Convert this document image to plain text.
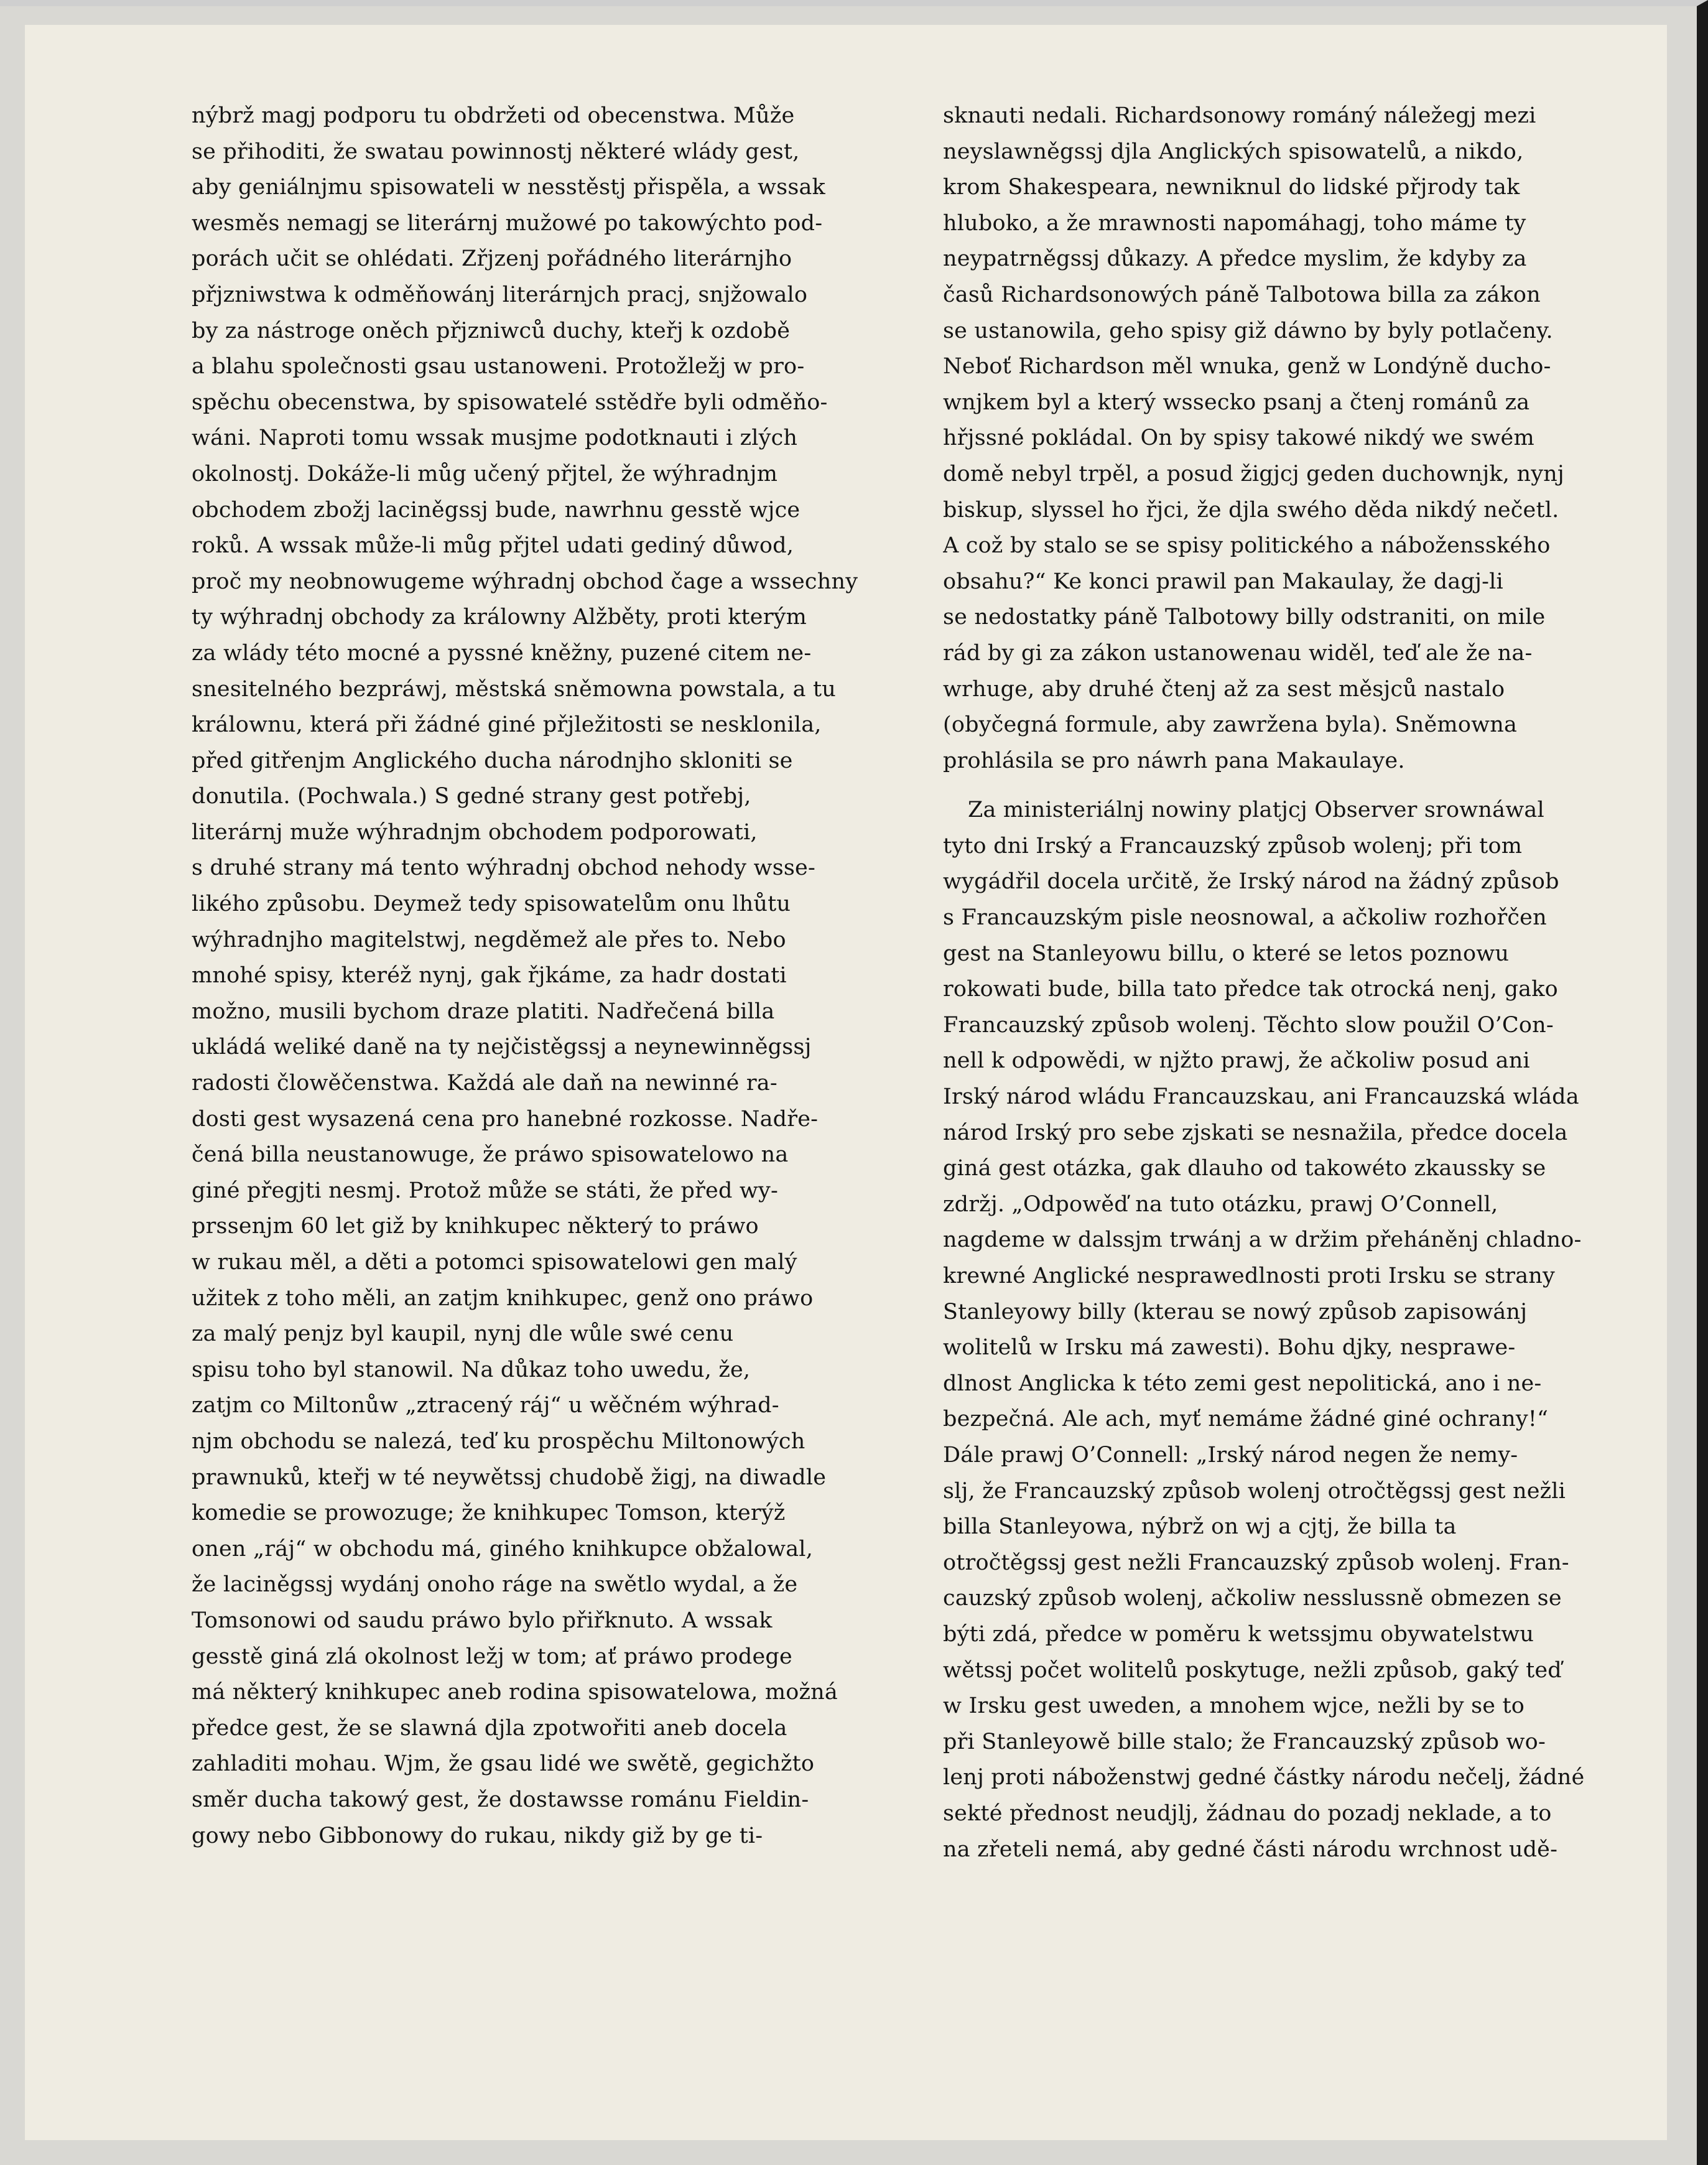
nýbrž magj podporu tu obdržeti od obecenstwa. Může
se přihoditi, že swatau powinnostj některé wlády gest,
aby geniálnjmu spisowateli w nesstěstj přispěla, a wssak
wesměs nemagj se literárnj mužowé po takowýchto pod-
porách učit se ohlédati. Zřjzenj pořádného literárnjho
přjzniwstwa k odměňowánj literárnjch pracj, snjžowalo
by za nástroge oněch přjzniwců duchy, kteřj k ozdobě
a blahu společnosti gsau ustanoweni. Protožležj w pro-
spěchu obecenstwa, by spisowatelé sstědře byli odměňo-
wáni. Naproti tomu wssak musjme podotknauti i zlých
okolnostj. Dokáže-li můg učený přjtel, že wýhradnjm
obchodem zbožj laciněgssj bude, nawrhnu gesstě wjce
roků. A wssak může-li můg přjtel udati gediný důwod,
proč my neobnowugeme wýhradnj obchod čage a wssechny
ty wýhradnj obchody za králowny Alžběty, proti kterým
za wlády této mocné a pyssné kněžny, puzené citem ne-
snesitelného bezpráwj, městská sněmowna powstala, a tu
králownu, která při žádné giné přjležitosti se nesklonila,
před gitřenjm Anglického ducha národnjho skloniti se
donutila. (Pochwala.) S gedné strany gest potřebj,
literárnj muže wýhradnjm obchodem podporowati,
s druhé strany má tento wýhradnj obchod nehody wsse-
likého způsobu. Deymež tedy spisowatelům onu lhůtu
wýhradnjho magitelstwj, negděmež ale přes to. Nebo
mnohé spisy, kteréž nynj, gak řjkáme, za hadr dostati
možno, musili bychom draze platiti. Nadřečená billa
ukládá weliké daně na ty nejčistěgssj a neynewinněgssj
radosti člowěčenstwa. Každá ale daň na newinné ra-
dosti gest wysazená cena pro hanebné rozkosse. Nadře-
čená billa neustanowuge, že práwo spisowatelowo na
giné přegjti nesmj. Protož může se státi, že před wy-
prssenjm 60 let giž by knihkupec některý to práwo
w rukau měl, a děti a potomci spisowatelowi gen malý
užitek z toho měli, an zatjm knihkupec, genž ono práwo
za malý penjz byl kaupil, nynj dle wůle swé cenu
spisu toho byl stanowil. Na důkaz toho uwedu, že,
zatjm co Miltonůw „ztracený ráj“ u wěčném wýhrad-
njm obchodu se nalezá, teď ku prospěchu Miltonowých
prawnuků, kteřj w té neywětssj chudobě žigj, na diwadle
komedie se prowozuge; že knihkupec Tomson, kterýž
onen „ráj“ w obchodu má, giného knihkupce obžalowal,
že laciněgssj wydánj onoho ráge na swětlo wydal, a že
Tomsonowi od saudu práwo bylo přiřknuto. A wssak
gesstě giná zlá okolnost ležj w tom; ať práwo prodege
má některý knihkupec aneb rodina spisowatelowa, možná
předce gest, že se slawná djla zpotwořiti aneb docela
zahladiti mohau. Wjm, že gsau lidé we swětě, gegichžto
směr ducha takowý gest, že dostawsse románu Fieldin-
gowy nebo Gibbonowy do rukau, nikdy giž by ge ti-
sknauti nedali. Richardsonowy románý náležegj mezi
neyslawněgssj djla Anglických spisowatelů, a nikdo,
krom Shakespeara, newniknul do lidské přjrody tak
hluboko, a že mrawnosti napomáhagj, toho máme ty
neypatrněgssj důkazy. A předce myslim, že kdyby za
časů Richardsonowých páně Talbotowa billa za zákon
se ustanowila, geho spisy giž dáwno by byly potlačeny.
Neboť Richardson měl wnuka, genž w Londýně ducho-
wnjkem byl a který wssecko psanj a čtenj románů za
hřjssné pokládal. On by spisy takowé nikdý we swém
domě nebyl trpěl, a posud žigjcj geden duchownjk, nynj
biskup, slyssel ho řjci, že djla swého děda nikdý nečetl.
A což by stalo se se spisy politického a nábožensského
obsahu?“ Ke konci prawil pan Makaulay, že dagj-li
se nedostatky páně Talbotowy billy odstraniti, on mile
rád by gi za zákon ustanowenau widěl, teď ale že na-
wrhuge, aby druhé čtenj až za sest měsjců nastalo
(obyčegná formule, aby zawržena byla). Sněmowna
prohlásila se pro náwrh pana Makaulaye.
Za ministeriálnj nowiny platjcj Observer srownáwal
tyto dni Irský a Francauzský způsob wolenj; při tom
wygádřil docela určitě, že Irský národ na žádný způsob
s Francauzským pisle neosnowal, a ačkoliw rozhořčen
gest na Stanleyowu billu, o které se letos poznowu
rokowati bude, billa tato předce tak otrocká nenj, gako
Francauzský způsob wolenj. Těchto slow použil O’Con-
nell k odpowědi, w njžto prawj, že ačkoliw posud ani
Irský národ wládu Francauzskau, ani Francauzská wláda
národ Irský pro sebe zjskati se nesnažila, předce docela
giná gest otázka, gak dlauho od takowéto zkaussky se
zdržj. „Odpowěď na tuto otázku, prawj O’Connell,
nagdeme w dalssjm trwánj a w držim přeháněnj chladno-
krewné Anglické nesprawedlnosti proti Irsku se strany
Stanleyowy billy (kterau se nowý způsob zapisowánj
wolitelů w Irsku má zawesti). Bohu djky, nesprawe-
dlnost Anglicka k této zemi gest nepolitická, ano i ne-
bezpečná. Ale ach, myť nemáme žádné giné ochrany!“
Dále prawj O’Connell: „Irský národ negen že nemy-
slj, že Francauzský způsob wolenj otročtěgssj gest nežli
billa Stanleyowa, nýbrž on wj a cjtj, že billa ta
otročtěgssj gest nežli Francauzský způsob wolenj. Fran-
cauzský způsob wolenj, ačkoliw nesslussně obmezen se
býti zdá, předce w poměru k wetssjmu obywatelstwu
wětssj počet wolitelů poskytuge, nežli způsob, gaký teď
w Irsku gest uweden, a mnohem wjce, nežli by se to
při Stanleyowě bille stalo; že Francauzský způsob wo-
lenj proti náboženstwj gedné částky národu nečelj, žádné
sekté přednost neudjlj, žádnau do pozadj neklade, a to
na zřeteli nemá, aby gedné části národu wrchnost udě-
